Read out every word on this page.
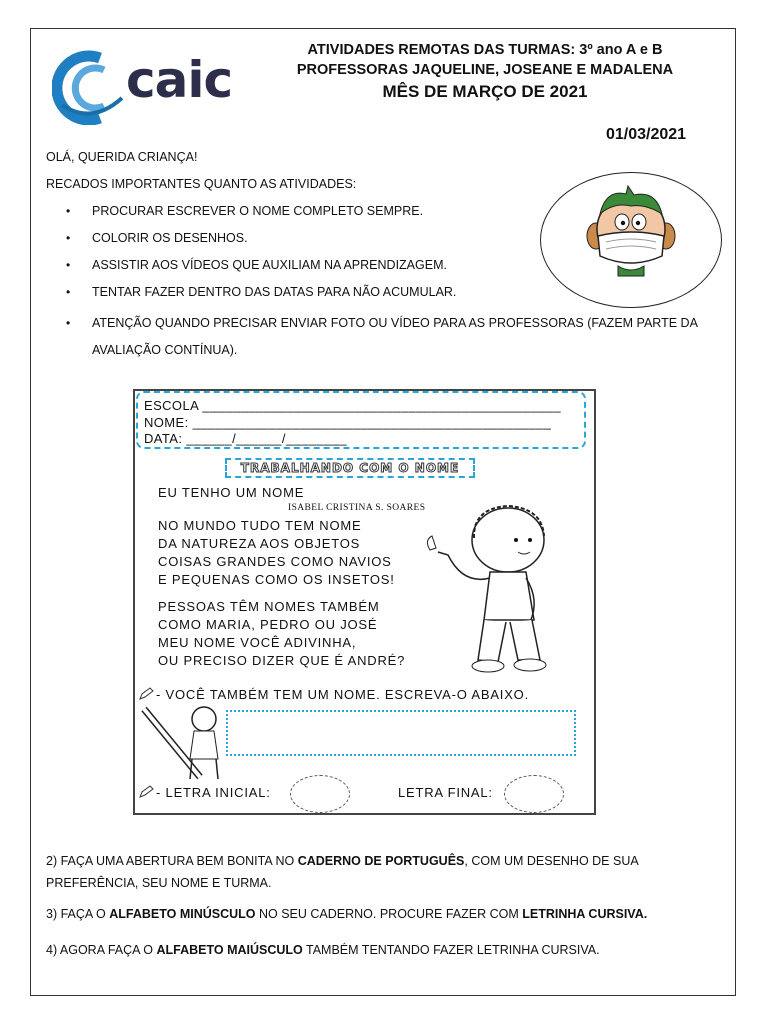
caic
ATIVIDADES REMOTAS DAS TURMAS: 3º ano A e B
PROFESSORAS JAQUELINE, JOSEANE E MADALENA
MÊS DE MARÇO DE 2021
01/03/2021
OLÁ, QUERIDA CRIANÇA!
RECADOS IMPORTANTES QUANTO AS ATIVIDADES:
• PROCURAR ESCREVER O NOME COMPLETO SEMPRE.
• COLORIR OS DESENHOS.
• ASSISTIR AOS VÍDEOS QUE AUXILIAM NA APRENDIZAGEM.
• TENTAR FAZER DENTRO DAS DATAS PARA NÃO ACUMULAR.
• ATENÇÃO QUANDO PRECISAR ENVIAR FOTO OU VÍDEO PARA AS PROFESSORAS (FAZEM PARTE DA AVALIAÇÃO CONTÍNUA).
ESCOLA _______________________________________________
NOME: _______________________________________________
DATA: ______/______/________
TRABALHANDO COM O NOME
EU TENHO UM NOME
ISABEL CRISTINA S. SOARES
NO MUNDO TUDO TEM NOME
DA NATUREZA AOS OBJETOS
COISAS GRANDES COMO NAVIOS
E PEQUENAS COMO OS INSETOS!
PESSOAS TÊM NOMES TAMBÉM
COMO MARIA, PEDRO OU JOSÉ
MEU NOME VOCÊ ADIVINHA,
OU PRECISO DIZER QUE É ANDRÉ?
- VOCÊ TAMBÉM TEM UM NOME. ESCREVA-O ABAIXO.
- LETRA INICIAL:	LETRA FINAL:
2) FAÇA UMA ABERTURA BEM BONITA NO CADERNO DE PORTUGUÊS, COM UM DESENHO DE SUA PREFERÊNCIA, SEU NOME E TURMA.
3) FAÇA O ALFABETO MINÚSCULO NO SEU CADERNO. PROCURE FAZER COM LETRINHA CURSIVA.
4) AGORA FAÇA O ALFABETO MAIÚSCULO TAMBÉM TENTANDO FAZER LETRINHA CURSIVA.
